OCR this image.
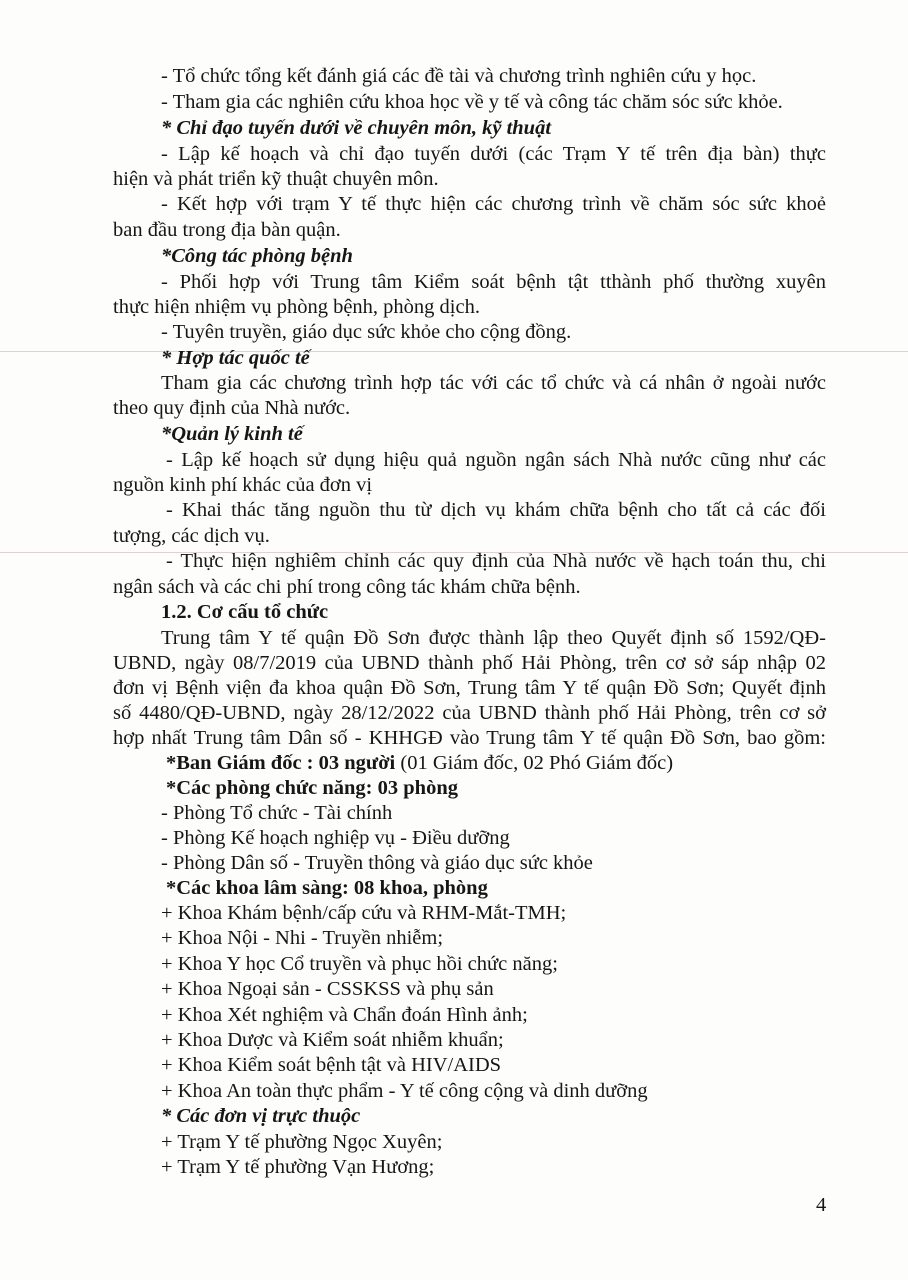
- Tổ chức tổng kết đánh giá các đề tài và chương trình nghiên cứu y học.
- Tham gia các nghiên cứu khoa học về y tế và công tác chăm sóc sức khỏe.
* Chỉ đạo tuyến dưới về chuyên môn, kỹ thuật
- Lập kế hoạch và chỉ đạo tuyến dưới (các Trạm Y tế trên địa bàn) thực
hiện và phát triển kỹ thuật chuyên môn.
- Kết hợp với trạm Y tế thực hiện các chương trình về chăm sóc sức khoẻ
ban đầu trong địa bàn quận.
*Công tác phòng bệnh
- Phối hợp với Trung tâm Kiểm soát bệnh tật tthành phố thường xuyên
thực hiện nhiệm vụ phòng bệnh, phòng dịch.
- Tuyên truyền, giáo dục sức khỏe cho cộng đồng.
* Hợp tác quốc tế
Tham gia các chương trình hợp tác với các tổ chức và cá nhân ở ngoài nước
theo quy định của Nhà nước.
*Quản lý kinh tế
- Lập kế hoạch sử dụng hiệu quả nguồn ngân sách Nhà nước cũng như các
nguồn kinh phí khác của đơn vị
- Khai thác tăng nguồn thu từ dịch vụ khám chữa bệnh cho tất cả các đối
tượng, các dịch vụ.
- Thực hiện nghiêm chỉnh các quy định của Nhà nước về hạch toán thu, chi
ngân sách và các chi phí trong công tác khám chữa bệnh.
1.2. Cơ cấu tổ chức
Trung tâm Y tế quận Đồ Sơn được thành lập theo Quyết định số 1592/QĐ-
UBND, ngày 08/7/2019 của UBND thành phố Hải Phòng, trên cơ sở sáp nhập 02
đơn vị Bệnh viện đa khoa quận Đồ Sơn, Trung tâm Y tế quận Đồ Sơn; Quyết định
số 4480/QĐ-UBND, ngày 28/12/2022 của UBND thành phố Hải Phòng, trên cơ sở
hợp nhất Trung tâm Dân số - KHHGĐ vào Trung tâm Y tế quận Đồ Sơn, bao gồm:
*Ban Giám đốc : 03 người (01 Giám đốc, 02 Phó Giám đốc)
*Các phòng chức năng: 03 phòng
- Phòng Tổ chức - Tài chính
- Phòng Kế hoạch nghiệp vụ - Điều dưỡng
- Phòng Dân số - Truyền thông và giáo dục sức khỏe
*Các khoa lâm sàng: 08 khoa, phòng
+ Khoa Khám bệnh/cấp cứu và RHM-Mắt-TMH;
+ Khoa Nội - Nhi - Truyền nhiễm;
+ Khoa Y học Cổ truyền và phục hồi chức năng;
+ Khoa Ngoại sản - CSSKSS và phụ sản
+ Khoa Xét nghiệm và Chẩn đoán Hình ảnh;
+ Khoa Dược và Kiểm soát nhiễm khuẩn;
+ Khoa Kiểm soát bệnh tật và HIV/AIDS
+ Khoa An toàn thực phẩm - Y tế công cộng và dinh dưỡng
* Các đơn vị trực thuộc
+ Trạm Y tế phường Ngọc Xuyên;
+ Trạm Y tế phường Vạn Hương;
4
